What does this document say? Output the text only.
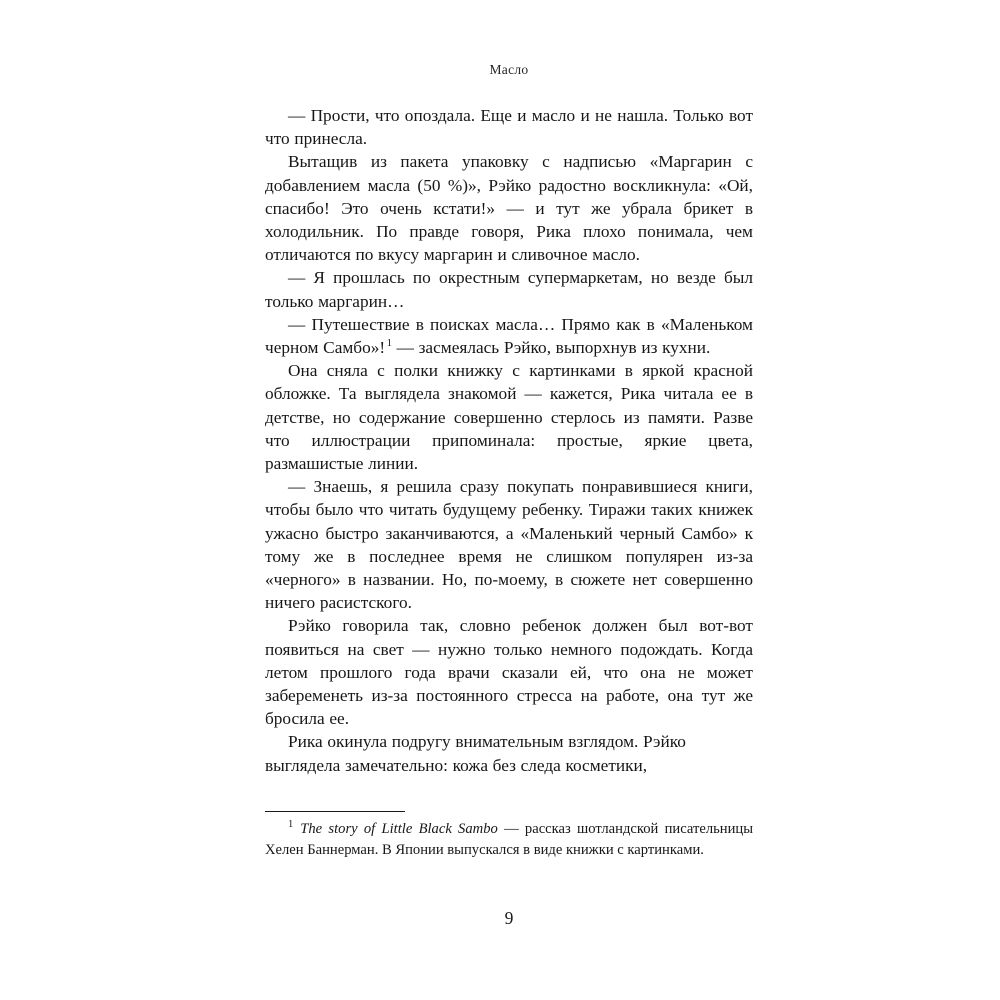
Масло

— Прости, что опоздала. Еще и масло и не нашла. Только вот что принесла.

Вытащив из пакета упаковку с надписью «Маргарин с добавлением масла (50 %)», Рэйко радостно воскликнула: «Ой, спасибо! Это очень кстати!» — и тут же убрала брикет в холодильник. По правде говоря, Рика плохо понимала, чем отличаются по вкусу маргарин и сливочное масло.

— Я прошлась по окрестным супермаркетам, но везде был только маргарин…

— Путешествие в поисках масла… Прямо как в «Маленьком черном Самбо»! $^1$ — засмеялась Рэйко, выпорхнув из кухни.

Она сняла с полки книжку с картинками в яркой красной обложке. Та выглядела знакомой — кажется, Рика читала ее в детстве, но содержание совершенно стерлось из памяти. Разве что иллюстрации припоминала: простые, яркие цвета, размашистые линии.

— Знаешь, я решила сразу покупать понравившиеся книги, чтобы было что читать будущему ребенку. Тиражи таких книжек ужасно быстро заканчиваются, а «Маленький черный Самбо» к тому же в последнее время не слишком популярен из-за «черного» в названии. Но, по-моему, в сюжете нет совершенно ничего расистского.

Рэйко говорила так, словно ребенок должен был вот-вот появиться на свет — нужно только немного подождать. Когда летом прошлого года врачи сказали ей, что она не может забеременеть из-за постоянного стресса на работе, она тут же бросила ее.

Рика окинула подругу внимательным взглядом. Рэйко выглядела замечательно: кожа без следа косметики,

$^1$ The story of Little Black Sambo — рассказ шотландской писательницы Хелен Баннерман. В Японии выпускался в виде книжки с картинками.

9
